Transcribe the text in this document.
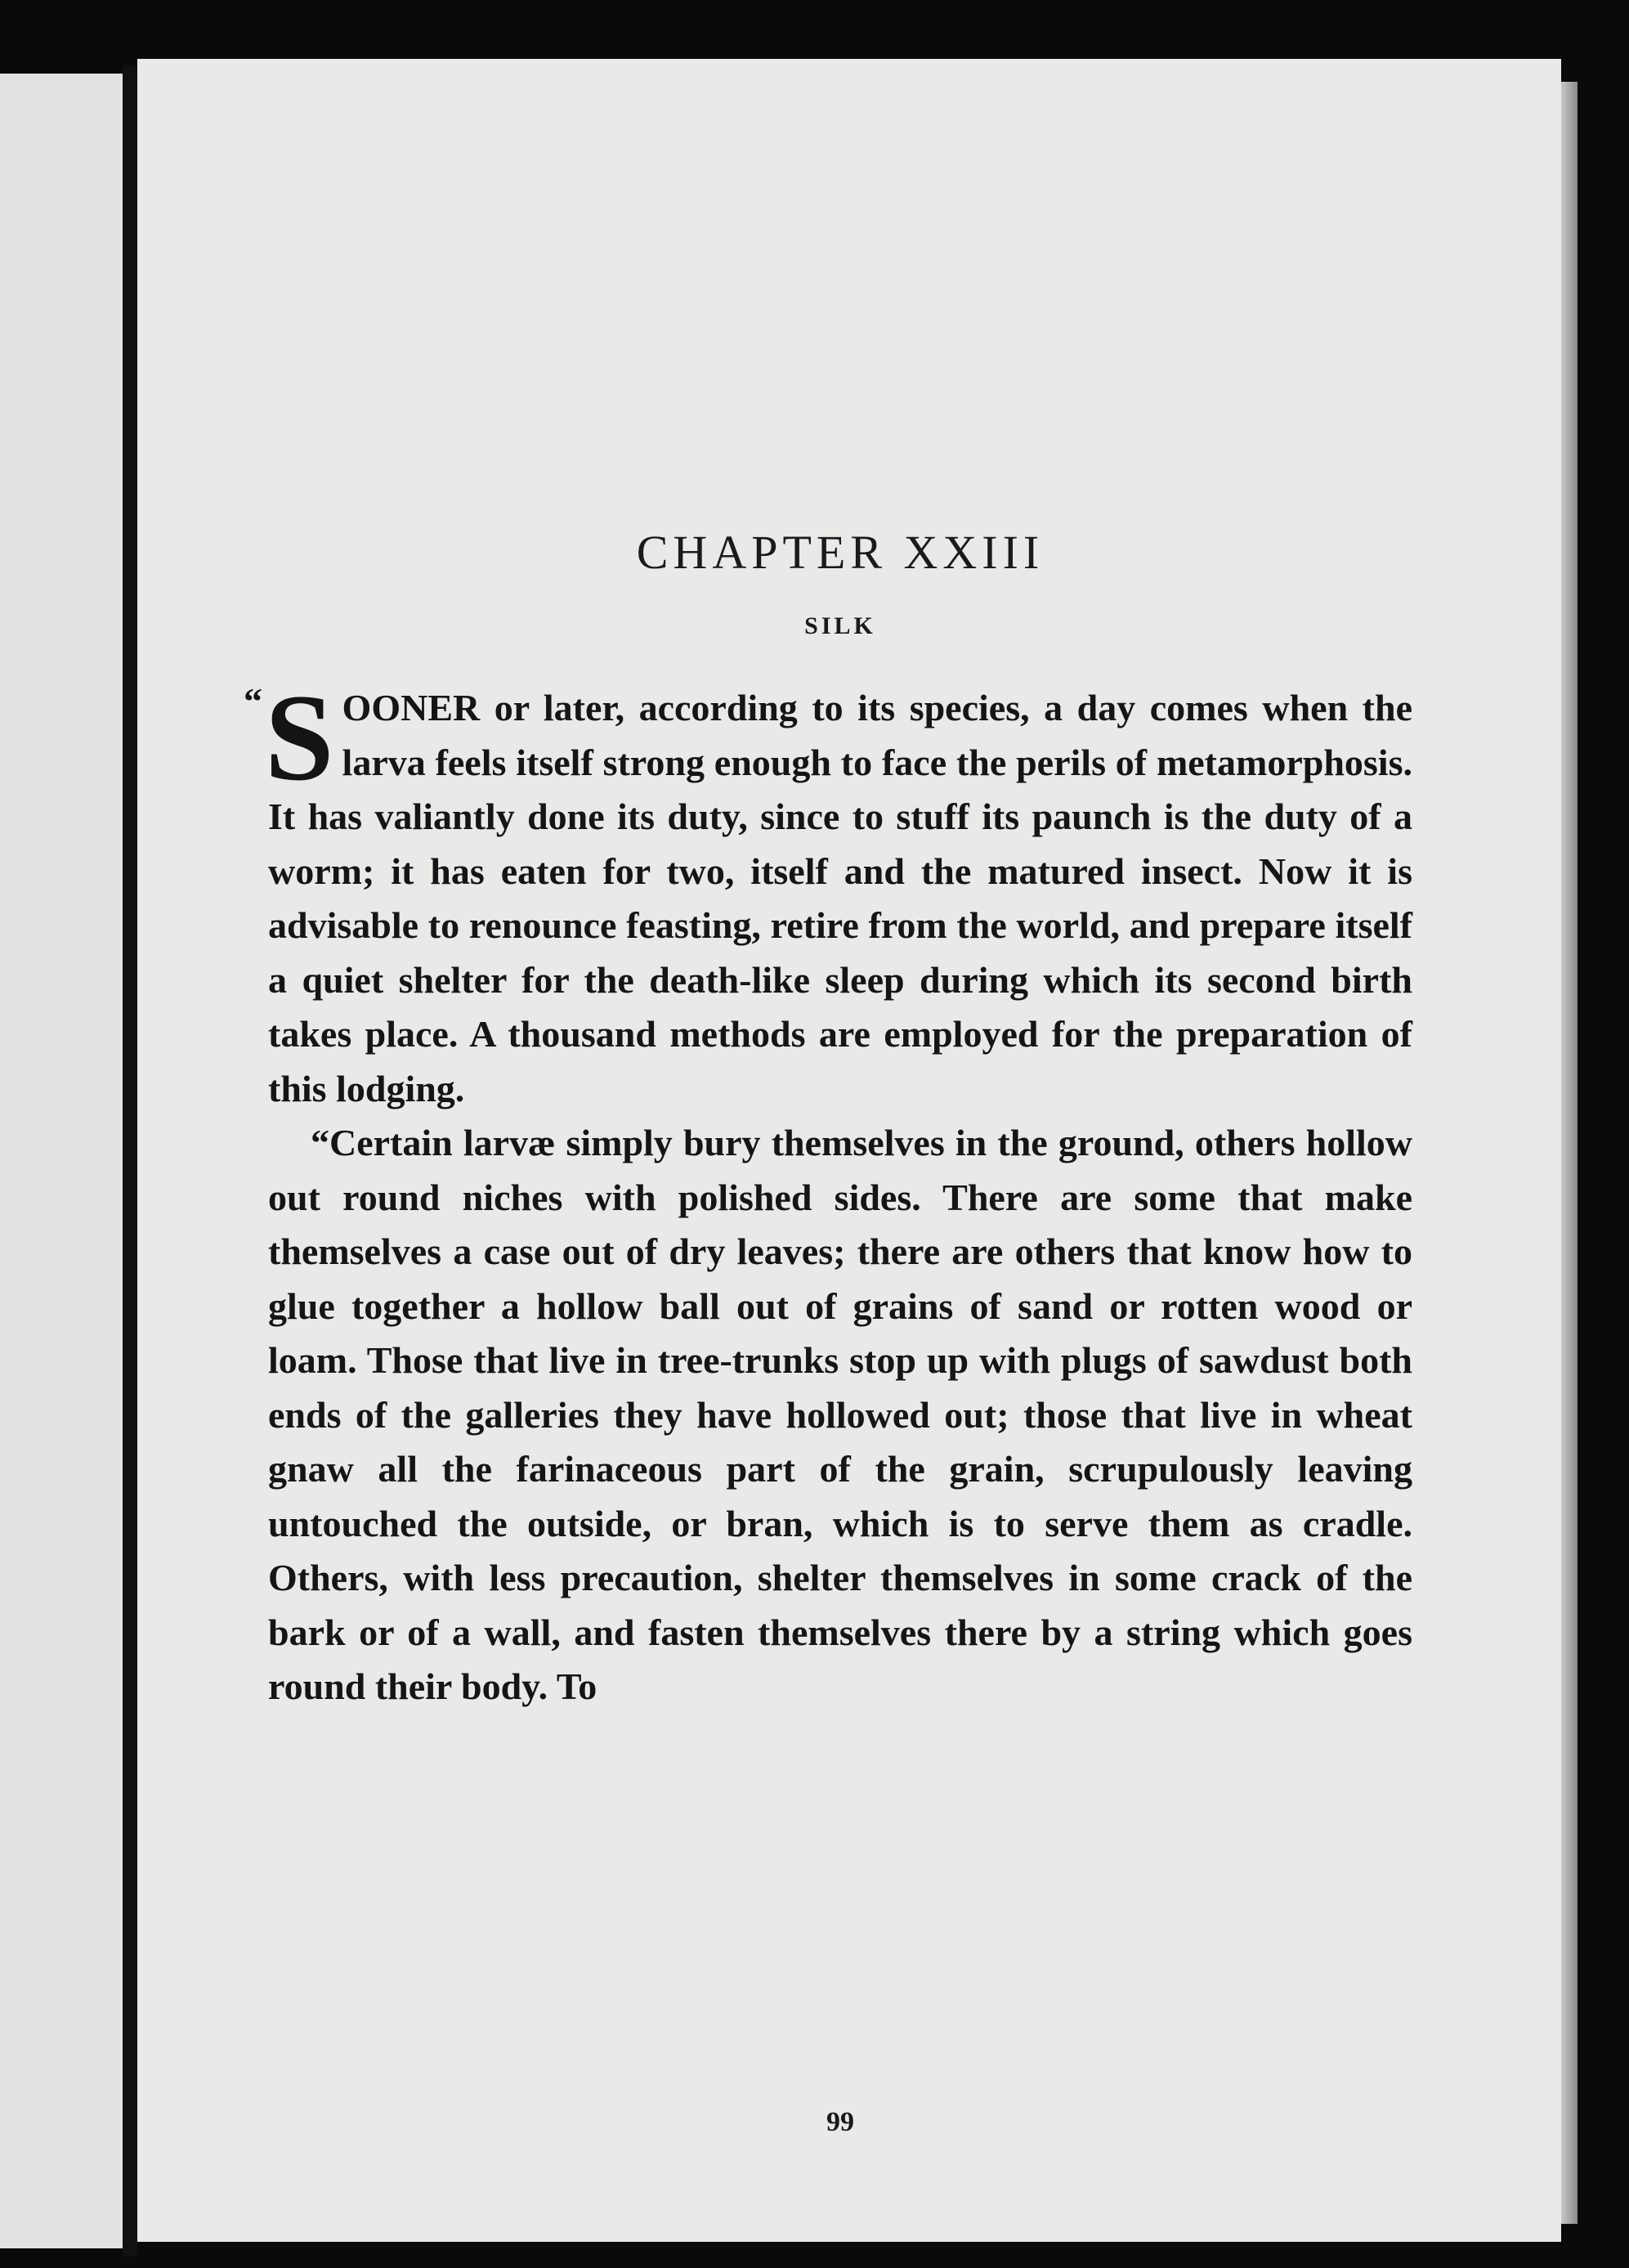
CHAPTER XXIII
SILK

“ S OONER or later, according to its species, a day comes when the larva feels itself strong enough to face the perils of metamorphosis. It has valiantly done its duty, since to stuff its paunch is the duty of a worm; it has eaten for two, itself and the matured insect. Now it is advisable to renounce feasting, retire from the world, and prepare itself a quiet shelter for the death-like sleep during which its second birth takes place. A thousand methods are employed for the preparation of this lodging.

“Certain larvæ simply bury themselves in the ground, others hollow out round niches with polished sides. There are some that make themselves a case out of dry leaves; there are others that know how to glue together a hollow ball out of grains of sand or rotten wood or loam. Those that live in tree-trunks stop up with plugs of sawdust both ends of the galleries they have hollowed out; those that live in wheat gnaw all the farinaceous part of the grain, scrupulously leaving untouched the outside, or bran, which is to serve them as cradle. Others, with less precaution, shelter themselves in some crack of the bark or of a wall, and fasten themselves there by a string which goes round their body. To

99
